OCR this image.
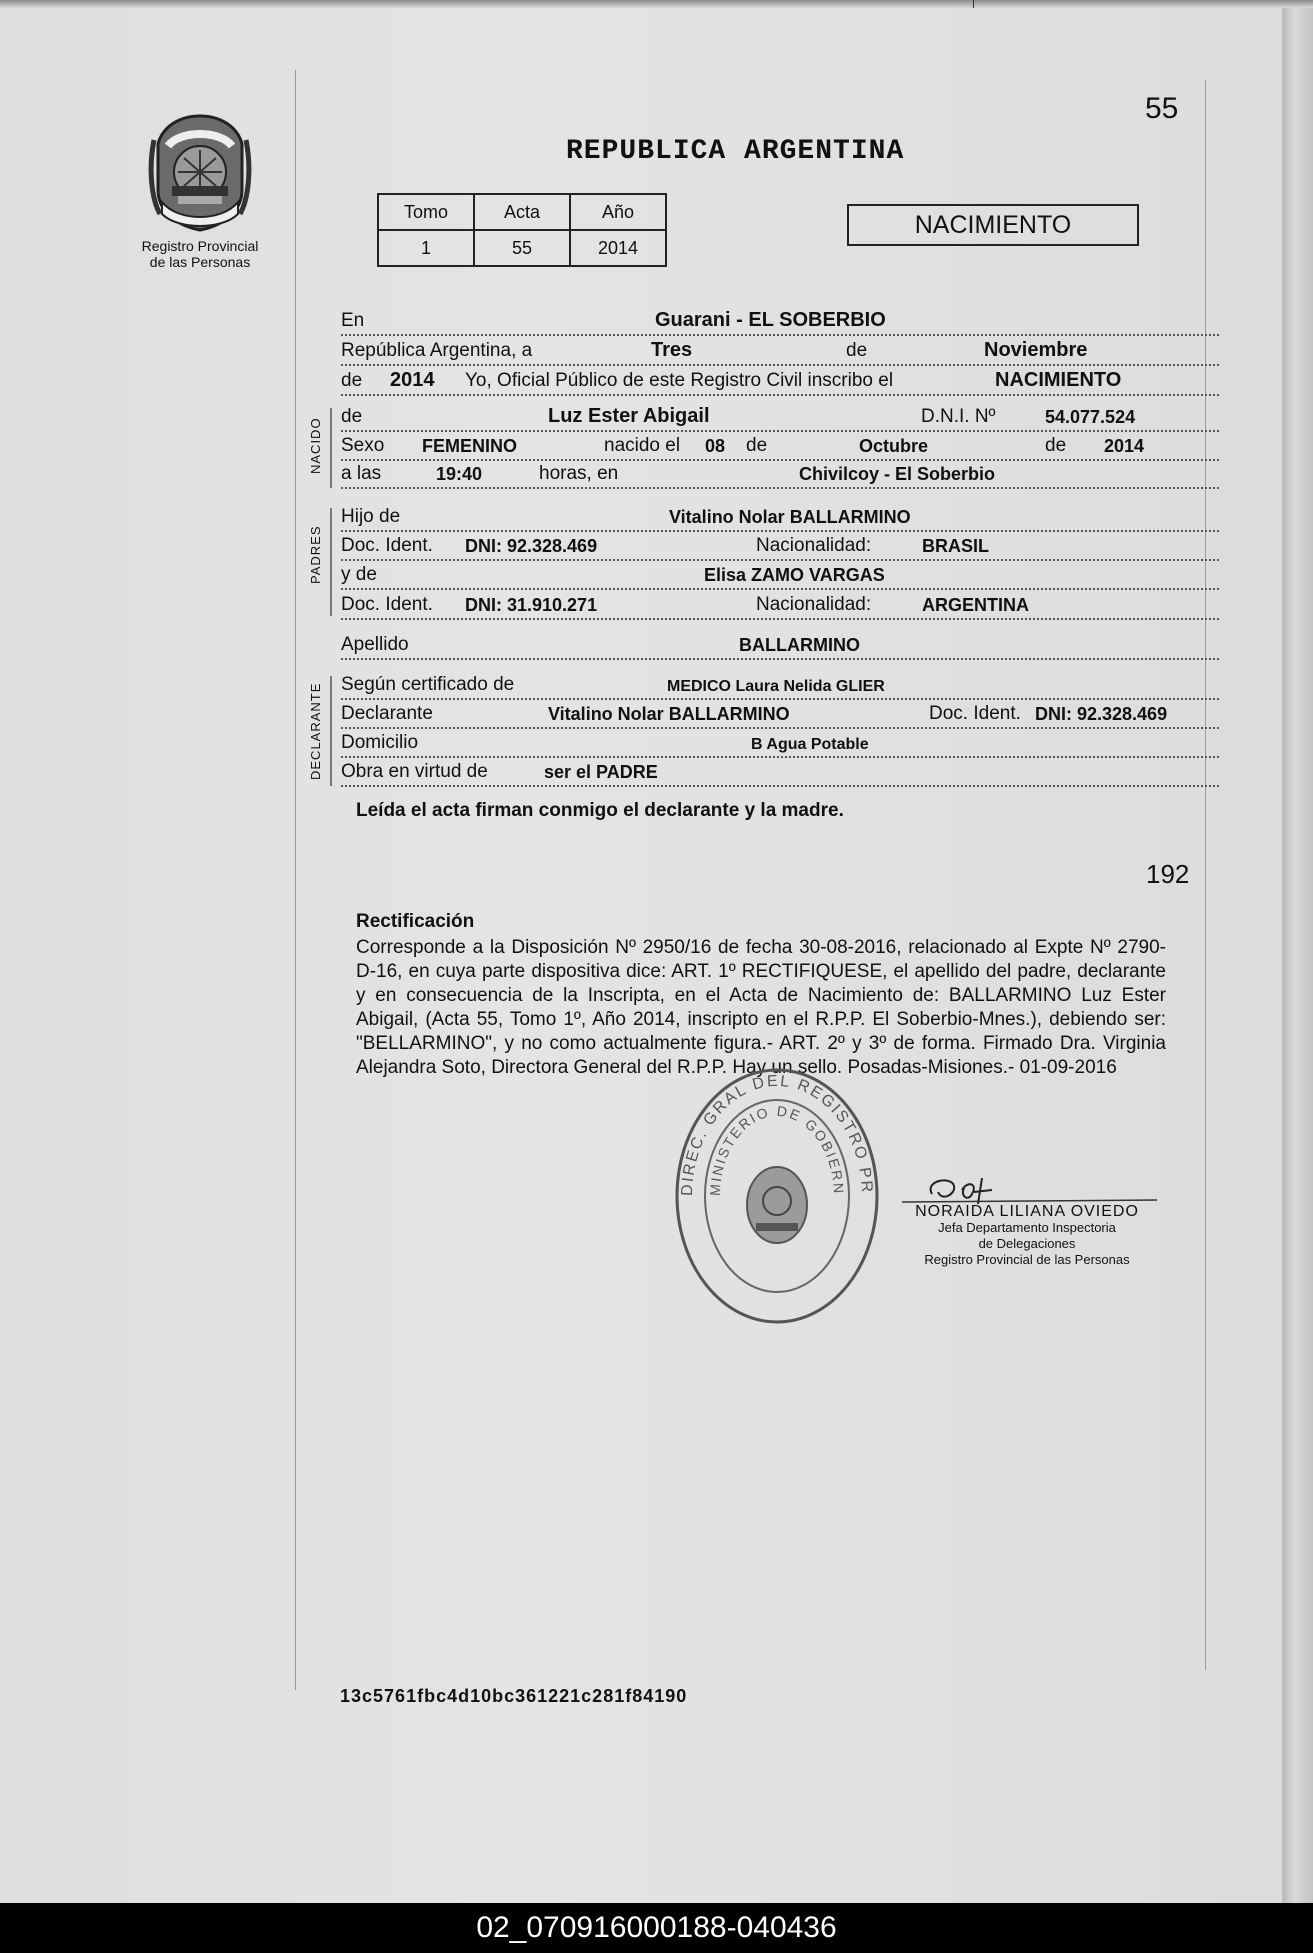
55
Registro Provincial
de las Personas
REPUBLICA ARGENTINA
Tomo	Acta	Año
1	55	2014
NACIMIENTO
En	Guarani - EL SOBERBIO
República Argentina, a	Tres	de	Noviembre
de 2014 Yo, Oficial Público de este Registro Civil inscribo el	NACIMIENTO
NACIDO
de	Luz Ester Abigail	D.N.I. Nº	54.077.524
Sexo FEMENINO	nacido el 08 de	Octubre	de 2014
a las	19:40	horas, en	Chivilcoy - El Soberbio
PADRES
Hijo de	Vitalino Nolar BALLARMINO
Doc. Ident. DNI: 92.328.469	Nacionalidad:	BRASIL
y de	Elisa ZAMO VARGAS
Doc. Ident. DNI: 31.910.271	Nacionalidad:	ARGENTINA
Apellido	BALLARMINO
DECLARANTE Según certificado de	MEDICO Laura Nelida GLIER
Declarante	Vitalino Nolar BALLARMINO	Doc. Ident. DNI: 92.328.469
Domicilio	B Agua Potable
Obra en virtud de	ser el PADRE
Leída el acta firman conmigo el declarante y la madre.
192
Rectificación
Corresponde a la Disposición Nº 2950/16 de fecha 30-08-2016, relacionado al Expte Nº 2790-D-16, en cuya parte dispositiva dice: ART. 1º RECTIFIQUESE, el apellido del padre, declarante y en consecuencia de la Inscripta, en el Acta de Nacimiento de: BALLARMINO Luz Ester Abigail, (Acta 55, Tomo 1º, Año 2014, inscripto en el R.P.P. El Soberbio-Mnes.), debiendo ser: "BELLARMINO", y no como actualmente figura.- ART. 2º y 3º de forma. Firmado Dra. Virginia Alejandra Soto, Directora General del R.P.P. Hay un sello. Posadas-Misiones.- 01-09-2016
DIREC. GRAL DEL REGISTRO PR
MINISTERIO DE GOBIERN
NORAIDA LILIANA OVIEDO
Jefa Departamento Inspectoria
de Delegaciones
Registro Provincial de las Personas
13c5761fbc4d10bc361221c281f84190
02_070916000188-040436
